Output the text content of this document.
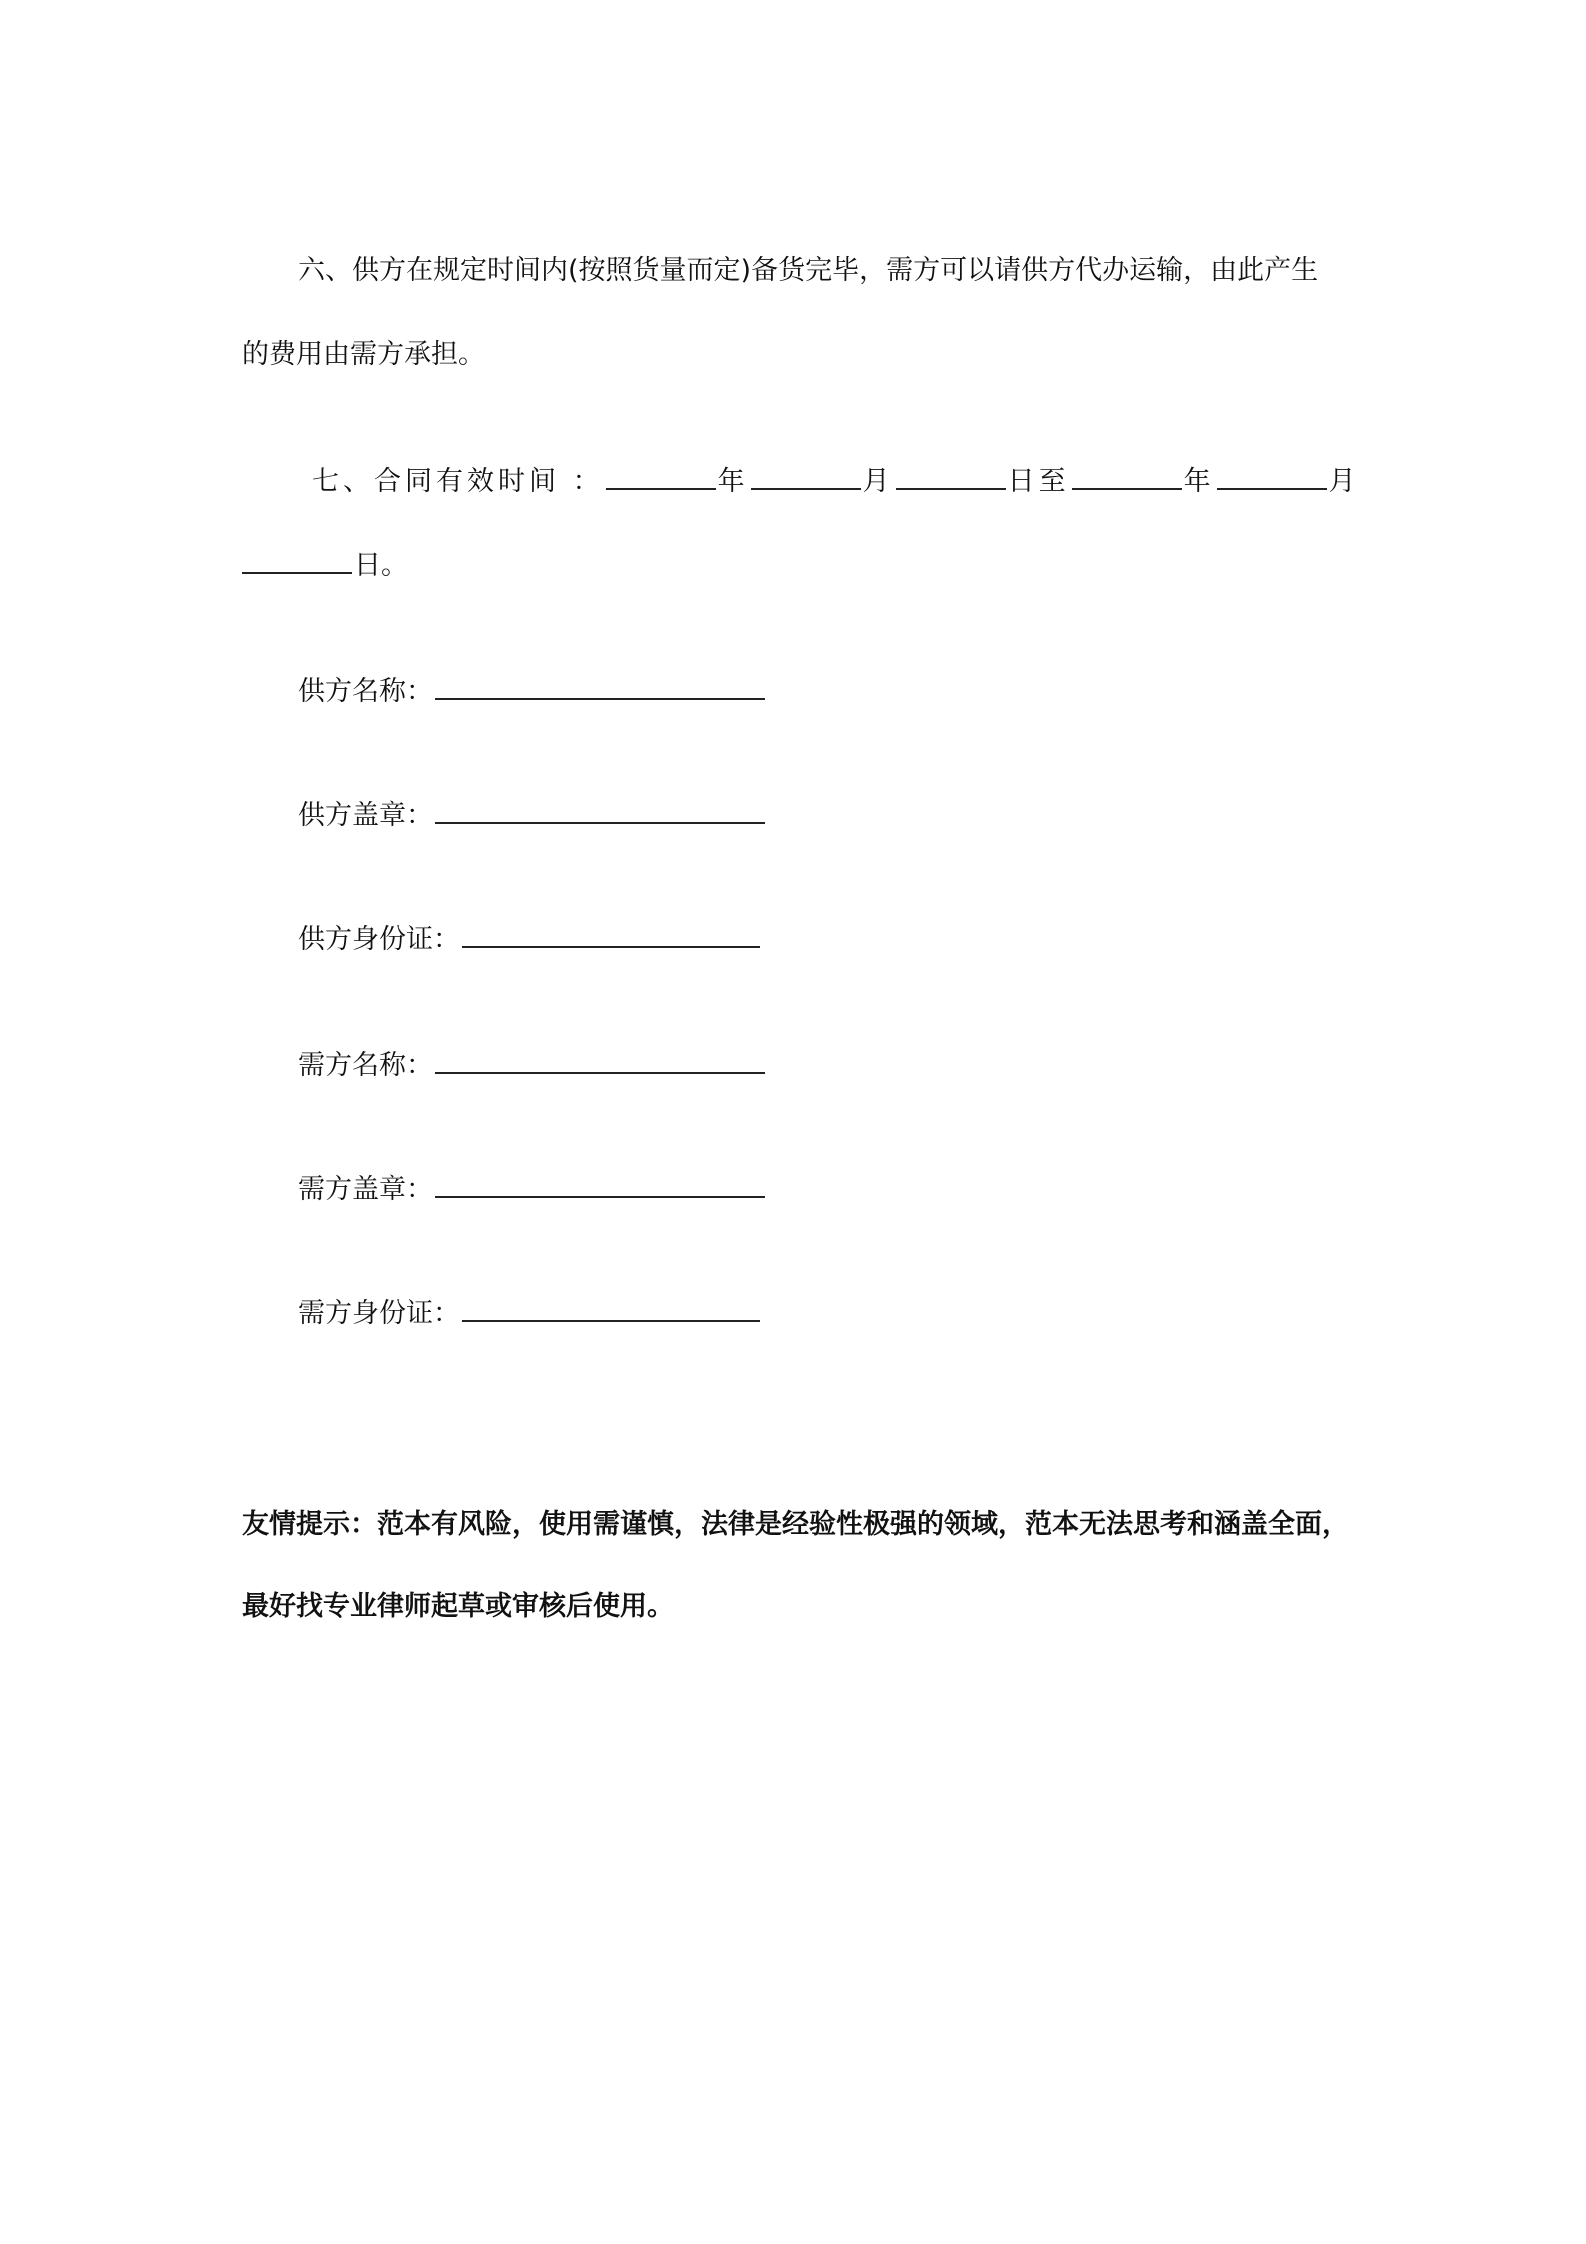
六、供方在规定时间内(按照货量而定)备货完毕，需方可以请供方代办运输，由此产生
的费用由需方承担。
七、合同有效时间 ：	年	月	日至	年	月
日。
供方名称：
供方盖章：
供方身份证：
需方名称：
需方盖章：
需方身份证：
友情提示：范本有风险，使用需谨慎，法律是经验性极强的领域，范本无法思考和涵盖全面，
最好找专业律师起草或审核后使用。
